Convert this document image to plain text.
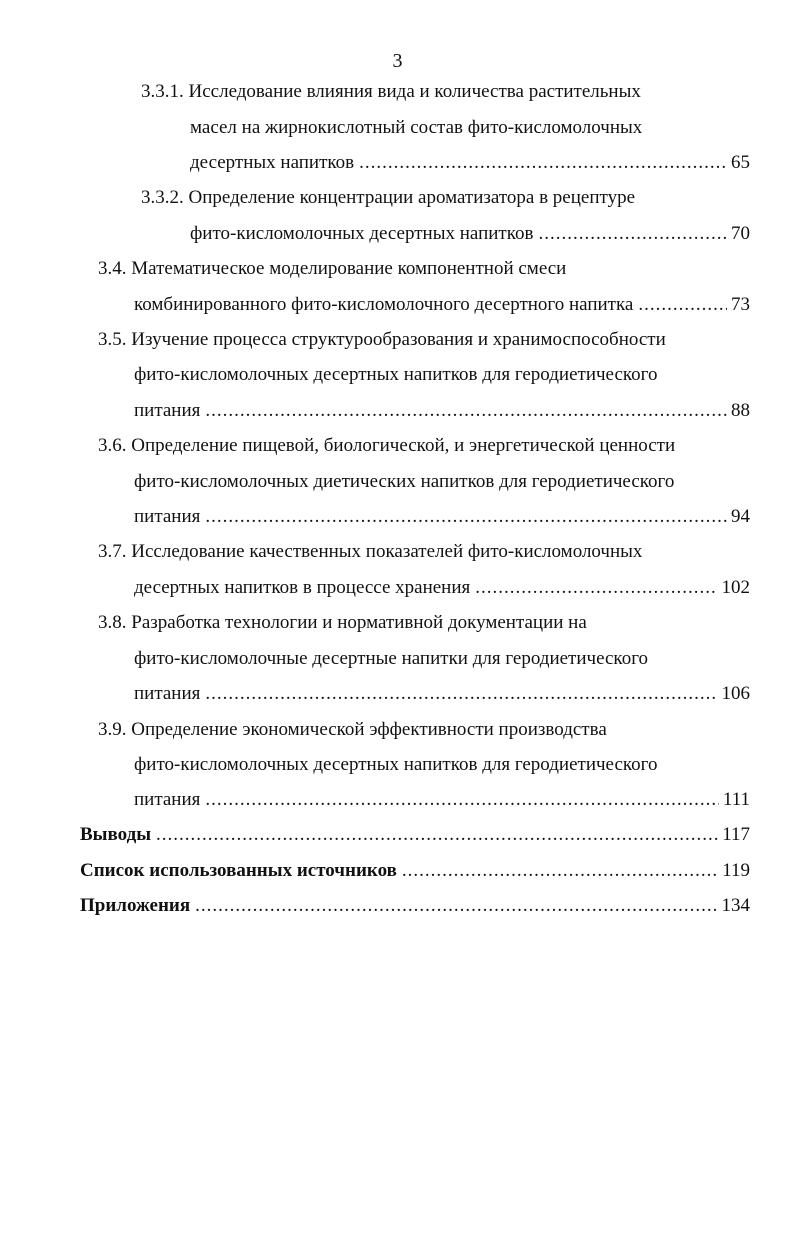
3
3.3.1. Исследование влияния вида и количества растительных
масел на жирнокислотный состав фито-кисломолочных
десертных напитков .....	65
3.3.2. Определение концентрации ароматизатора в рецептуре
фито-кисломолочных десертных напитков .....	70
3.4. Математическое моделирование компонентной смеси
комбинированного фито-кисломолочного десертного напитка .....	73
3.5. Изучение процесса структурообразования и хранимоспособности
фито-кисломолочных десертных напитков для геродиетического
питания .....	88
3.6. Определение пищевой, биологической, и энергетической ценности
фито-кисломолочных диетических напитков для геродиетического
питания .....	94
3.7. Исследование качественных показателей фито-кисломолочных
десертных напитков в процессе хранения .....	102
3.8. Разработка технологии и нормативной документации на
фито-кисломолочные десертные напитки для геродиетического
питания .....	106
3.9. Определение экономической эффективности производства
фито-кисломолочных десертных напитков для геродиетического
питания .....	111
Выводы .....	117
Список использованных источников .....	119
Приложения .....	134
